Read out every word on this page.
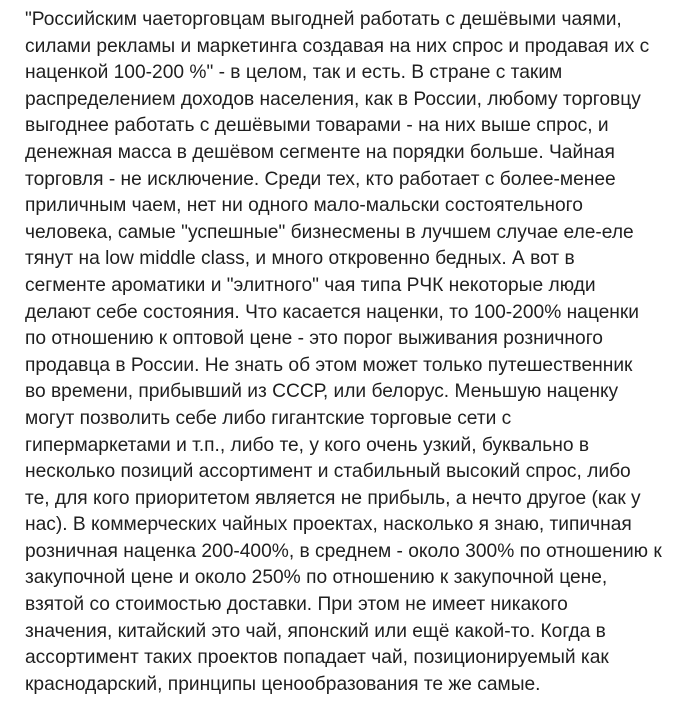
"Российским чаеторговцам выгодней работать с дешёвыми чаями,
силами рекламы и маркетинга создавая на них спрос и продавая их с
наценкой 100-200 %" - в целом, так и есть. В стране с таким
распределением доходов населения, как в России, любому торговцу
выгоднее работать с дешёвыми товарами - на них выше спрос, и
денежная масса в дешёвом сегменте на порядки больше. Чайная
торговля - не исключение. Среди тех, кто работает с более-менее
приличным чаем, нет ни одного мало-мальски состоятельного
человека, самые "успешные" бизнесмены в лучшем случае еле-еле
тянут на low middle class, и много откровенно бедных. А вот в
сегменте ароматики и "элитного" чая типа РЧК некоторые люди
делают себе состояния. Что касается наценки, то 100-200% наценки
по отношению к оптовой цене - это порог выживания розничного
продавца в России. Не знать об этом может только путешественник
во времени, прибывший из СССР, или белорус. Меньшую наценку
могут позволить себе либо гигантские торговые сети с
гипермаркетами и т.п., либо те, у кого очень узкий, буквально в
несколько позиций ассортимент и стабильный высокий спрос, либо
те, для кого приоритетом является не прибыль, а нечто другое (как у
нас). В коммерческих чайных проектах, насколько я знаю, типичная
розничная наценка 200-400%, в среднем - около 300% по отношению к
закупочной цене и около 250% по отношению к закупочной цене,
взятой со стоимостью доставки. При этом не имеет никакого
значения, китайский это чай, японский или ещё какой-то. Когда в
ассортимент таких проектов попадает чай, позиционируемый как
краснодарский, принципы ценообразования те же самые.
